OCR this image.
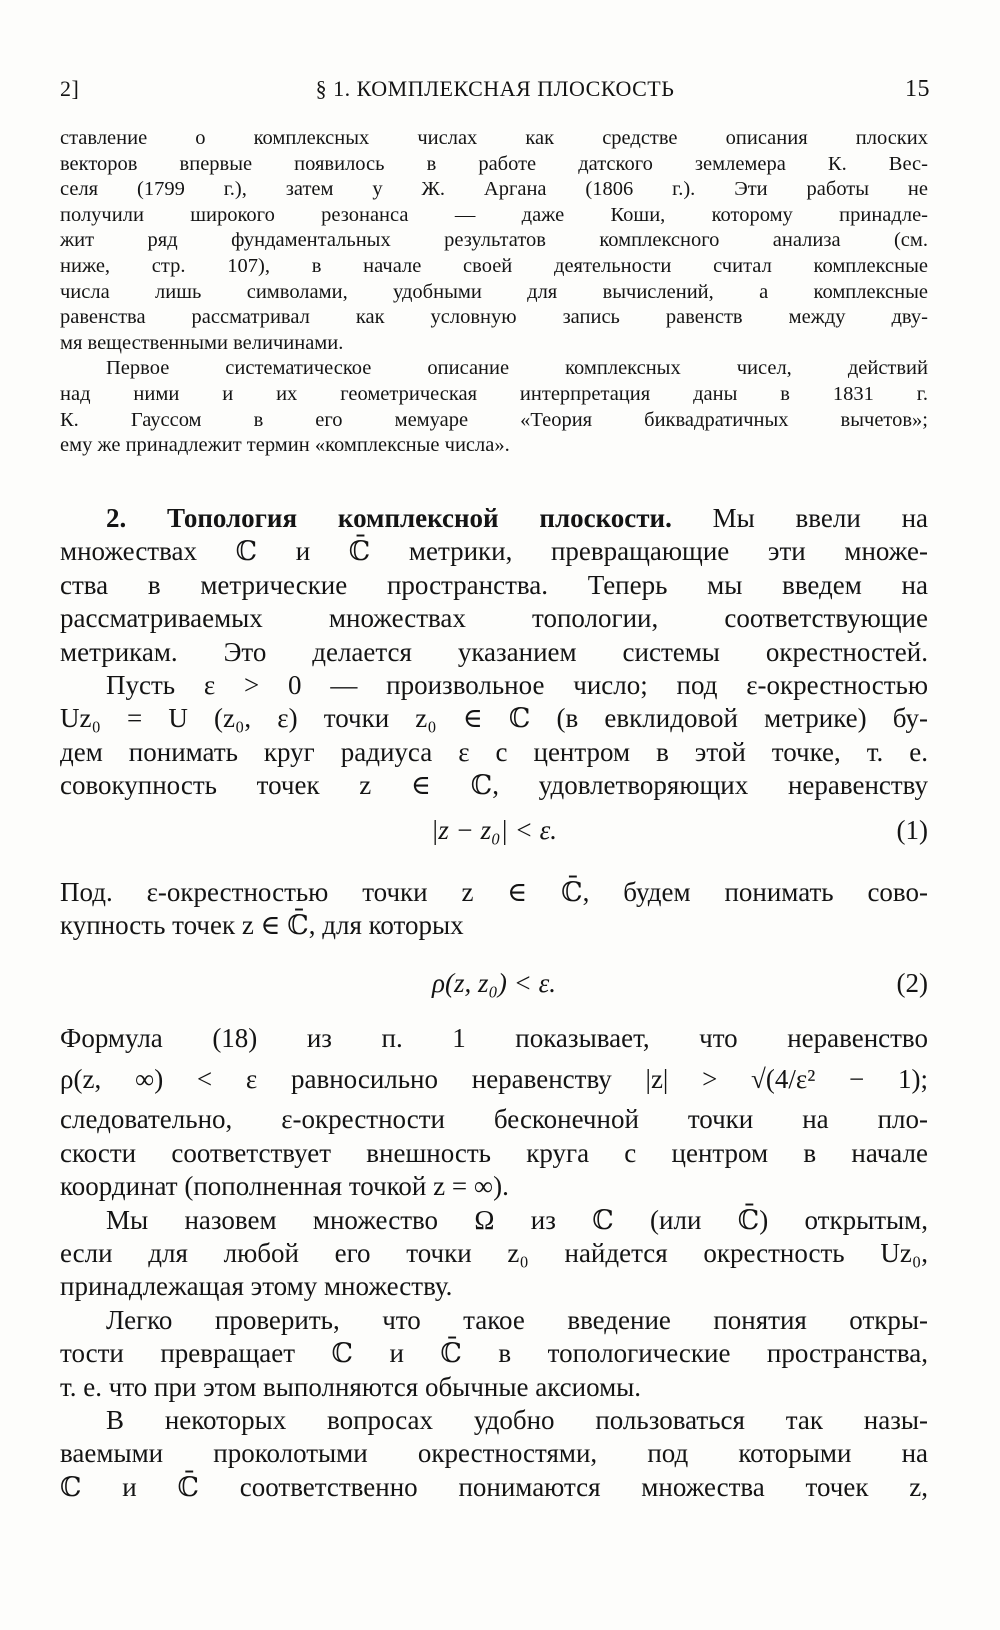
2]	§ 1. КОМПЛЕКСНАЯ ПЛОСКОСТЬ	15
ставление о комплексных числах как средстве описания плоских
векторов впервые появилось в работе датского землемера К. Вес-
селя (1799 г.), затем у Ж. Аргана (1806 г.). Эти работы не
получили широкого резонанса — даже Коши, которому принадле-
жит ряд фундаментальных результатов комплексного анализа (см.
ниже, стр. 107), в начале своей деятельности считал комплексные
числа лишь символами, удобными для вычислений, а комплексные
равенства рассматривал как условную запись равенств между дву-
мя вещественными величинами.
Первое систематическое описание комплексных чисел, действий
над ними и их геометрическая интерпретация даны в 1831 г.
К. Гауссом в его мемуаре «Теория биквадратичных вычетов»;
ему же принадлежит термин «комплексные числа».
2. Топология комплексной плоскости. Мы ввели на
множествах ℂ и ℂ̄ метрики, превращающие эти множе-
ства в метрические пространства. Теперь мы введем на
рассматриваемых множествах топологии, соответствующие
метрикам. Это делается указанием системы окрестностей.
Пусть ε > 0 — произвольное число; под ε-окрестностью
Uz₀ = U (z₀, ε) точки z₀ ∈ ℂ (в евклидовой метрике) бу-
дем понимать круг радиуса ε с центром в этой точке, т. е.
совокупность точек z ∈ ℂ, удовлетворяющих неравенству
|z − z₀| < ε.	(1)
Под. ε-окрестностью точки z ∈ ℂ̄, будем понимать сово-
купность точек z ∈ ℂ̄, для которых
ρ(z, z₀) < ε.	(2)
Формула (18) из п. 1 показывает, что неравенство
ρ(z, ∞) < ε равносильно неравенству |z| > √(4/ε² − 1);
следовательно, ε-окрестности бесконечной точки на пло-
скости соответствует внешность круга с центром в начале
координат (пополненная точкой z = ∞).
Мы назовем множество Ω из ℂ (или ℂ̄) открытым,
если для любой его точки z₀ найдется окрестность Uz₀,
принадлежащая этому множеству.
Легко проверить, что такое введение понятия откры-
тости превращает ℂ и ℂ̄ в топологические пространства,
т. е. что при этом выполняются обычные аксиомы.
В некоторых вопросах удобно пользоваться так назы-
ваемыми проколотыми окрестностями, под которыми на
ℂ и ℂ̄ соответственно понимаются множества точек z,
